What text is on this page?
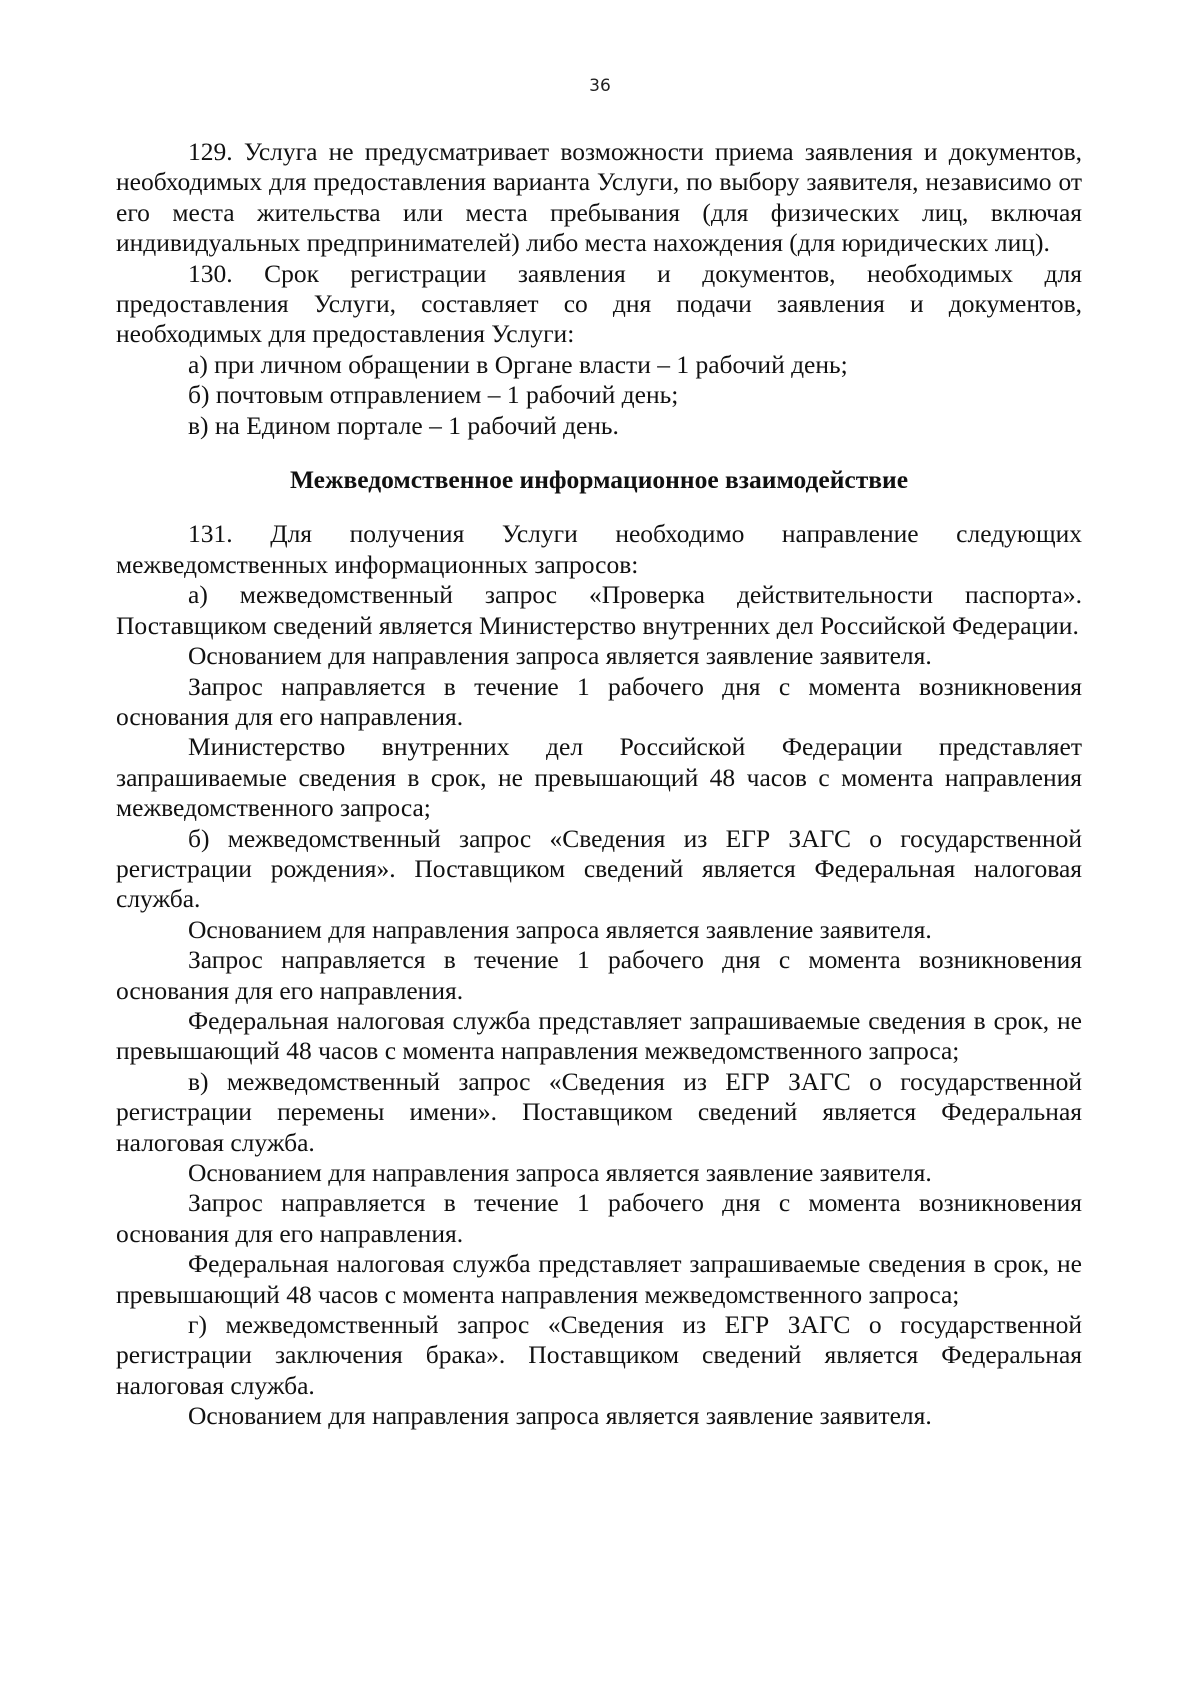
36

129. Услуга не предусматривает возможности приема заявления и документов, необходимых для предоставления варианта Услуги, по выбору заявителя, независимо от его места жительства или места пребывания (для физических лиц, включая индивидуальных предпринимателей) либо места нахождения (для юридических лиц).

130. Срок регистрации заявления и документов, необходимых для предоставления Услуги, составляет со дня подачи заявления и документов, необходимых для предоставления Услуги:

а) при личном обращении в Органе власти – 1 рабочий день;

б) почтовым отправлением – 1 рабочий день;

в) на Едином портале – 1 рабочий день.

Межведомственное информационное взаимодействие

131. Для получения Услуги необходимо направление следующих межведомственных информационных запросов:

а) межведомственный запрос «Проверка действительности паспорта». Поставщиком сведений является Министерство внутренних дел Российской Федерации.

Основанием для направления запроса является заявление заявителя.

Запрос направляется в течение 1 рабочего дня с момента возникновения основания для его направления.

Министерство внутренних дел Российской Федерации представляет запрашиваемые сведения в срок, не превышающий 48 часов с момента направления межведомственного запроса;

б) межведомственный запрос «Сведения из ЕГР ЗАГС о государственной регистрации рождения». Поставщиком сведений является Федеральная налоговая служба.

Основанием для направления запроса является заявление заявителя.

Запрос направляется в течение 1 рабочего дня с момента возникновения основания для его направления.

Федеральная налоговая служба представляет запрашиваемые сведения в срок, не превышающий 48 часов с момента направления межведомственного запроса;

в) межведомственный запрос «Сведения из ЕГР ЗАГС о государственной регистрации перемены имени». Поставщиком сведений является Федеральная налоговая служба.

Основанием для направления запроса является заявление заявителя.

Запрос направляется в течение 1 рабочего дня с момента возникновения основания для его направления.

Федеральная налоговая служба представляет запрашиваемые сведения в срок, не превышающий 48 часов с момента направления межведомственного запроса;

г) межведомственный запрос «Сведения из ЕГР ЗАГС о государственной регистрации заключения брака». Поставщиком сведений является Федеральная налоговая служба.

Основанием для направления запроса является заявление заявителя.
